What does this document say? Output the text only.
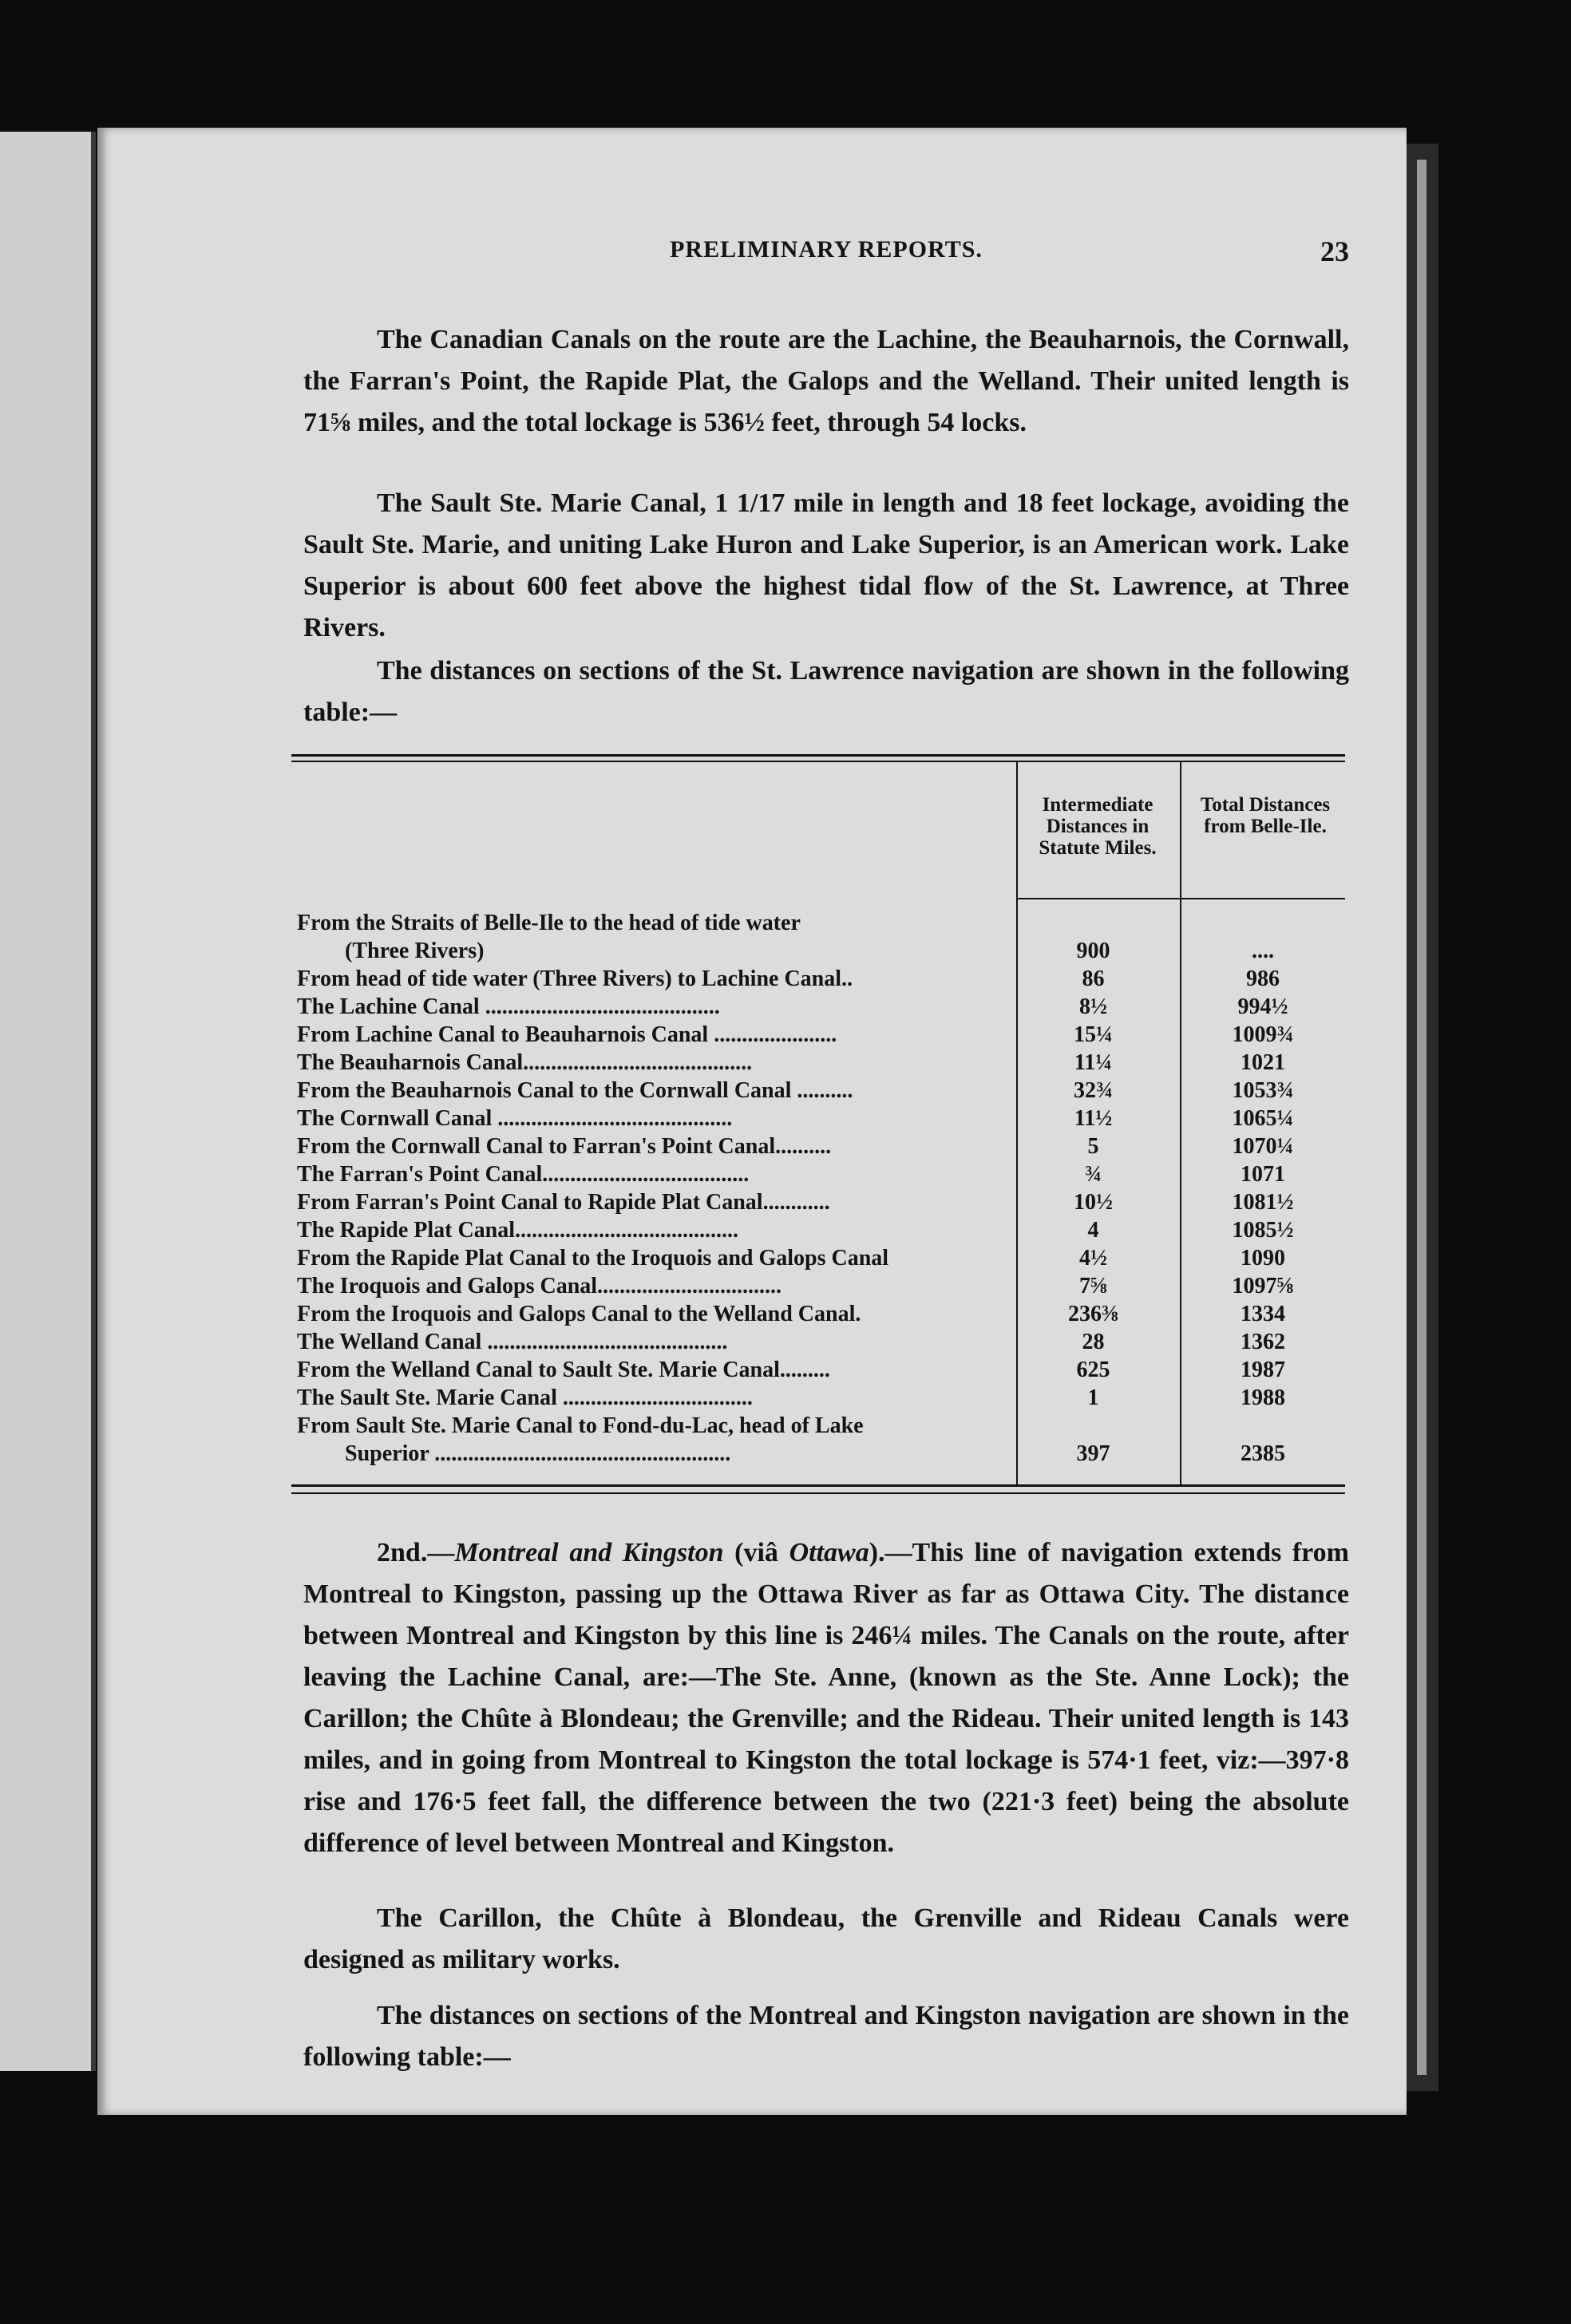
PRELIMINARY REPORTS.	23

The Canadian Canals on the route are the Lachine, the Beauharnois, the Cornwall, the Farran's Point, the Rapide Plat, the Galops and the Welland. Their united length is 71⅝ miles, and the total lockage is 536½ feet, through 54 locks.

The Sault Ste. Marie Canal, 1 1/17 mile in length and 18 feet lockage, avoiding the Sault Ste. Marie, and uniting Lake Huron and Lake Superior, is an American work. Lake Superior is about 600 feet above the highest tidal flow of the St. Lawrence, at Three Rivers.

The distances on sections of the St. Lawrence navigation are shown in the following table:—

Intermediate Distances in Statute Miles.
Total Distances from Belle-Ile.
From the Straits of Belle-Ile to the head of tide water
(Three Rivers)	900	....
From head of tide water (Three Rivers) to Lachine Canal..	86	986
The Lachine Canal ..........................................	8½	994½
From Lachine Canal to Beauharnois Canal ......................	15¼	1009¾
The Beauharnois Canal.........................................	11¼	1021
From the Beauharnois Canal to the Cornwall Canal ..........	32¾	1053¾
The Cornwall Canal ..........................................	11½	1065¼
From the Cornwall Canal to Farran's Point Canal..........	5	1070¼
The Farran's Point Canal.....................................	¾	1071
From Farran's Point Canal to Rapide Plat Canal............	10½	1081½
The Rapide Plat Canal........................................	4	1085½
From the Rapide Plat Canal to the Iroquois and Galops Canal	4½	1090
The Iroquois and Galops Canal.................................	7⅝	1097⅝
From the Iroquois and Galops Canal to the Welland Canal.	236⅜	1334
The Welland Canal ...........................................	28	1362
From the Welland Canal to Sault Ste. Marie Canal.........	625	1987
The Sault Ste. Marie Canal ..................................	1	1988
From Sault Ste. Marie Canal to Fond-du-Lac, head of Lake
Superior .....................................................	397	2385

2nd.—Montreal and Kingston (viâ Ottawa).—This line of navigation extends from Montreal to Kingston, passing up the Ottawa River as far as Ottawa City. The distance between Montreal and Kingston by this line is 246¼ miles. The Canals on the route, after leaving the Lachine Canal, are:—The Ste. Anne, (known as the Ste. Anne Lock); the Carillon; the Chûte à Blondeau; the Grenville; and the Rideau. Their united length is 143 miles, and in going from Montreal to Kingston the total lockage is 574·1 feet, viz:—397·8 rise and 176·5 feet fall, the difference between the two (221·3 feet) being the absolute difference of level between Montreal and Kingston.

The Carillon, the Chûte à Blondeau, the Grenville and Rideau Canals were designed as military works.

The distances on sections of the Montreal and Kingston navigation are shown in the following table:—
